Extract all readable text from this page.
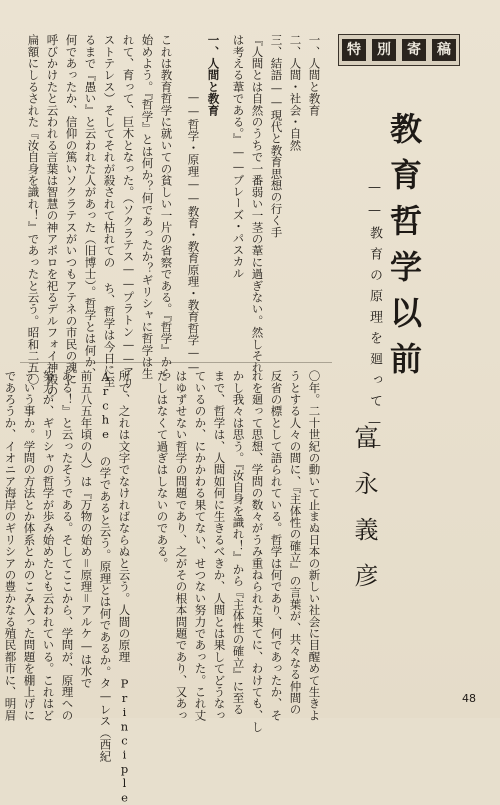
特	別	寄	稿
教育哲学以前
——教育の原理を廻って——
富永義彦
一、人間と教育
二、人間・社会・自然
三、結語——現代と教育思想の行く手
『人間とは自然のうちで一番弱い一茎の葦に過ぎない。然しそれ
は考える葦である。』——ブレーズ・パスカル
一、人間と教育
——哲学・原理——教育・教育原理・教育哲学——
これは教育哲学に就いての貧しい一片の省察である。『哲学』から
始めよう。『哲学』とは何か？何であったか？ギリシャに哲学は生
れて、育って、巨木となった。（ソクラテス——プラトン——アリ
ストテレス）そしてそれが殺されて枯れての ち、哲学は今日に至
るまで『愚い』と云われた人があった（旧博士）。哲学とは何か、
何であったか、信仰の篤いソクラテスがいつもアテネの市民の魂に
呼びかけたと云われる言葉は智慧の神アポロを祀るデルフォイ神殿の
扁額にしるされた『汝自身を識れ！』であったと云う。昭和二五〇
〇年。二十世紀の動いて止まぬ日本の新しい社会に目醒めて生きよ
うとする人々の間に、『主体性の確立』の言葉が、共々なる仲間の
反省の標として語られている。哲学は何であり、何であったか、そ
れを廻って思想、学問の数々がうみ重ねられた果てに、わけても、し
かし我々は思う。『汝自身を識れ！』から『主体性の確立』に至る
まで、哲学は、人間如何に生きるべきか、人間とは果してどうなっ
ているのか、にかかわる果てない、せつない努力であった。これ丈
はゆずせない哲学の問題であり、之がその根本問題であり、又あっ
たしはなくて過ぎはしないのである。
所で、之れは文字でなければならぬと云う。人間の原理 Principle
Arche の学であると云う。原理とは何であるか。タ—レス（西紀
前五八五年頃の人）は『万物の始め＝原理＝アルケ—は水で
ある！』と云ったそうである。そしてここから、学問が、原理への
努力が、ギリシャの哲学が歩み始めたとも云われている。これはど
ういう事か。学問の方法とか体系とかのこみ入った問題を棚上げに
であろうか、イオニア海岸のギリシアの豊かなる殖民都市に、明眉	48
